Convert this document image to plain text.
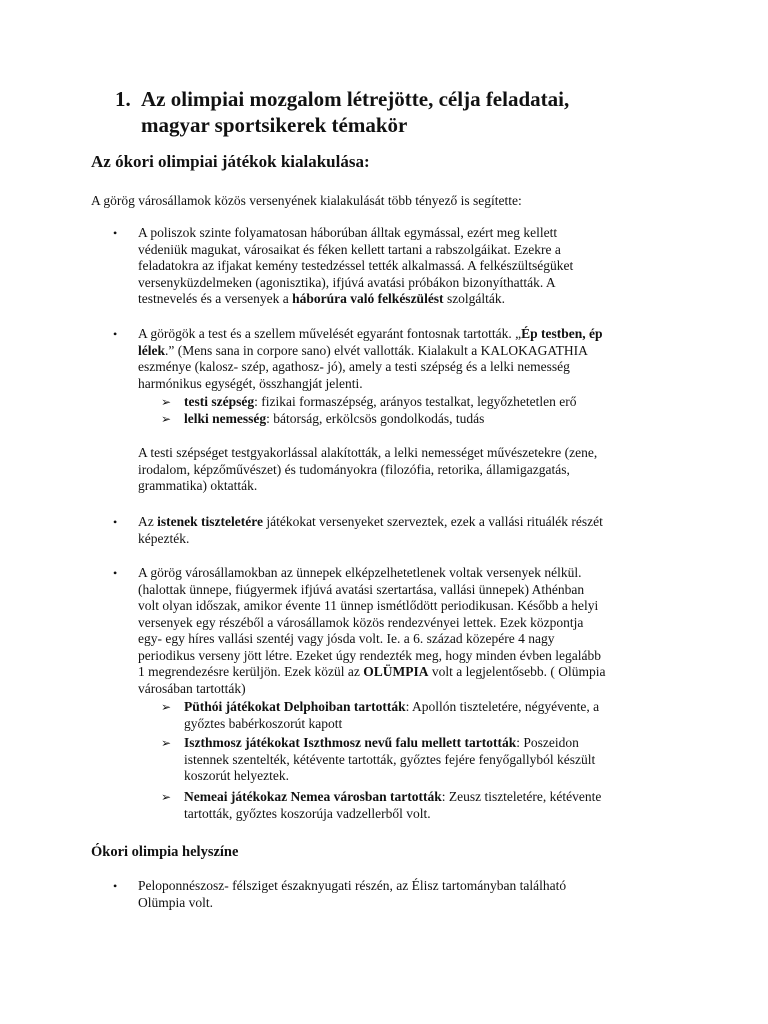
1. Az olimpiai mozgalom létrejötte, célja feladatai,
magyar sportsikerek témakör
Az ókori olimpiai játékok kialakulása:
A görög városállamok közös versenyének kialakulását több tényező is segítette:
• A poliszok szinte folyamatosan háborúban álltak egymással, ezért meg kellett
védeniük magukat, városaikat és féken kellett tartani a rabszolgáikat. Ezekre a
feladatokra az ifjakat kemény testedzéssel tették alkalmassá. A felkészültségüket
versenyküzdelmeken (agonisztika), ifjúvá avatási próbákon bizonyíthatták. A
testnevelés és a versenyek a háborúra való felkészülést szolgálták.
• A görögök a test és a szellem művelését egyaránt fontosnak tartották. „Ép testben, ép
lélek.” (Mens sana in corpore sano) elvét vallották. Kialakult a KALOKAGATHIA
eszménye (kalosz- szép, agathosz- jó), amely a testi szépség és a lelki nemesség
harmónikus egységét, összhangját jelenti.
➢ testi szépség: fizikai formaszépség, arányos testalkat, legyőzhetetlen erő
➢ lelki nemesség: bátorság, erkölcsös gondolkodás, tudás
A testi szépséget testgyakorlással alakították, a lelki nemességet művészetekre (zene,
irodalom, képzőművészet) és tudományokra (filozófia, retorika, államigazgatás,
grammatika) oktatták.
• Az istenek tiszteletére játékokat versenyeket szerveztek, ezek a vallási rituálék részét
képezték.
• A görög városállamokban az ünnepek elképzelhetetlenek voltak versenyek nélkül.
(halottak ünnepe, fiúgyermek ifjúvá avatási szertartása, vallási ünnepek) Athénban
volt olyan időszak, amikor évente 11 ünnep ismétlődött periodikusan. Később a helyi
versenyek egy részéből a városállamok közös rendezvényei lettek. Ezek központja
egy- egy híres vallási szentéj vagy jósda volt. Ie. a 6. század közepére 4 nagy
periodikus verseny jött létre. Ezeket úgy rendezték meg, hogy minden évben legalább
1 megrendezésre kerüljön. Ezek közül az OLÜMPIA volt a legjelentősebb. ( Olümpia
városában tartották)
➢ Püthói játékokat Delphoiban tartották: Apollón tiszteletére, négyévente, a
győztes babérkoszorút kapott
➢ Iszthmosz játékokat Iszthmosz nevű falu mellett tartották: Poszeidon
istennek szentelték, kétévente tartották, győztes fejére fenyőgallyból készült
koszorút helyeztek.
➢ Nemeai játékokaz Nemea városban tartották: Zeusz tiszteletére, kétévente
tartották, győztes koszorúja vadzellerből volt.
Ókori olimpia helyszíne
• Peloponnészosz- félsziget északnyugati részén, az Élisz tartományban található
Olümpia volt.
